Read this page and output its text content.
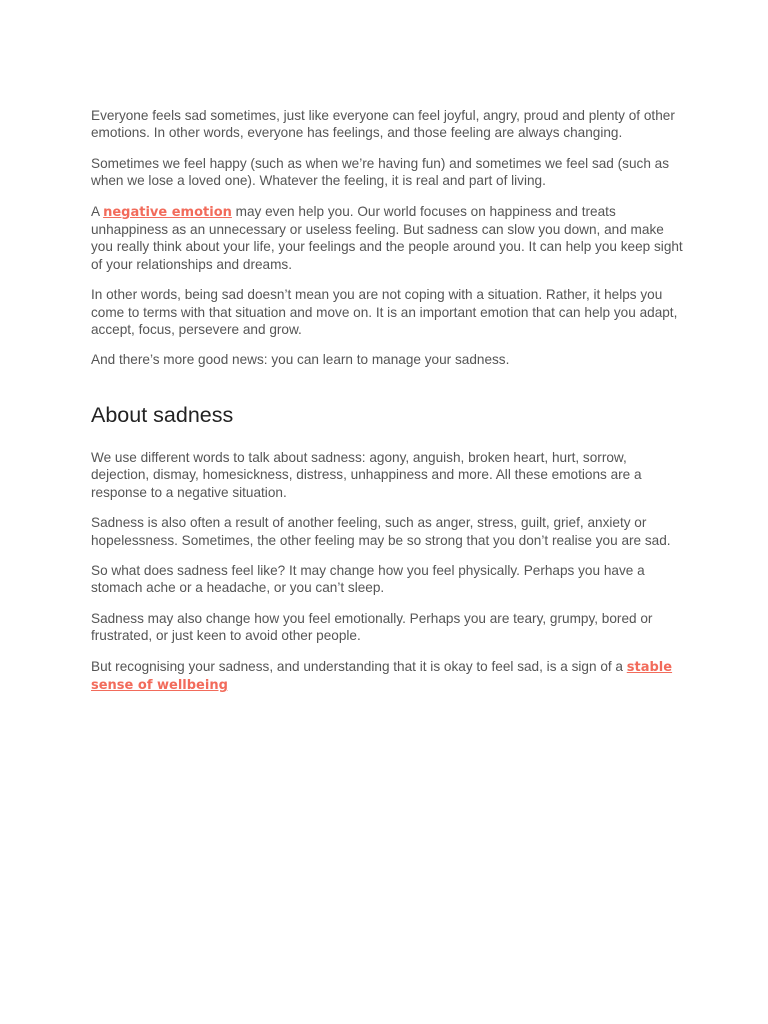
Everyone feels sad sometimes, just like everyone can feel joyful, angry, proud and plenty of other emotions. In other words, everyone has feelings, and those feeling are always changing.

Sometimes we feel happy (such as when we’re having fun) and sometimes we feel sad (such as when we lose a loved one). Whatever the feeling, it is real and part of living.

A negative emotion may even help you. Our world focuses on happiness and treats unhappiness as an unnecessary or useless feeling. But sadness can slow you down, and make you really think about your life, your feelings and the people around you. It can help you keep sight of your relationships and dreams.

In other words, being sad doesn’t mean you are not coping with a situation. Rather, it helps you come to terms with that situation and move on. It is an important emotion that can help you adapt, accept, focus, persevere and grow.

And there’s more good news: you can learn to manage your sadness.

About sadness

We use different words to talk about sadness: agony, anguish, broken heart, hurt, sorrow, dejection, dismay, homesickness, distress, unhappiness and more. All these emotions are a response to a negative situation.

Sadness is also often a result of another feeling, such as anger, stress, guilt, grief, anxiety or hopelessness. Sometimes, the other feeling may be so strong that you don’t realise you are sad.

So what does sadness feel like? It may change how you feel physically. Perhaps you have a stomach ache or a headache, or you can’t sleep.

Sadness may also change how you feel emotionally. Perhaps you are teary, grumpy, bored or frustrated, or just keen to avoid other people.

But recognising your sadness, and understanding that it is okay to feel sad, is a sign of a stable sense of wellbeing
